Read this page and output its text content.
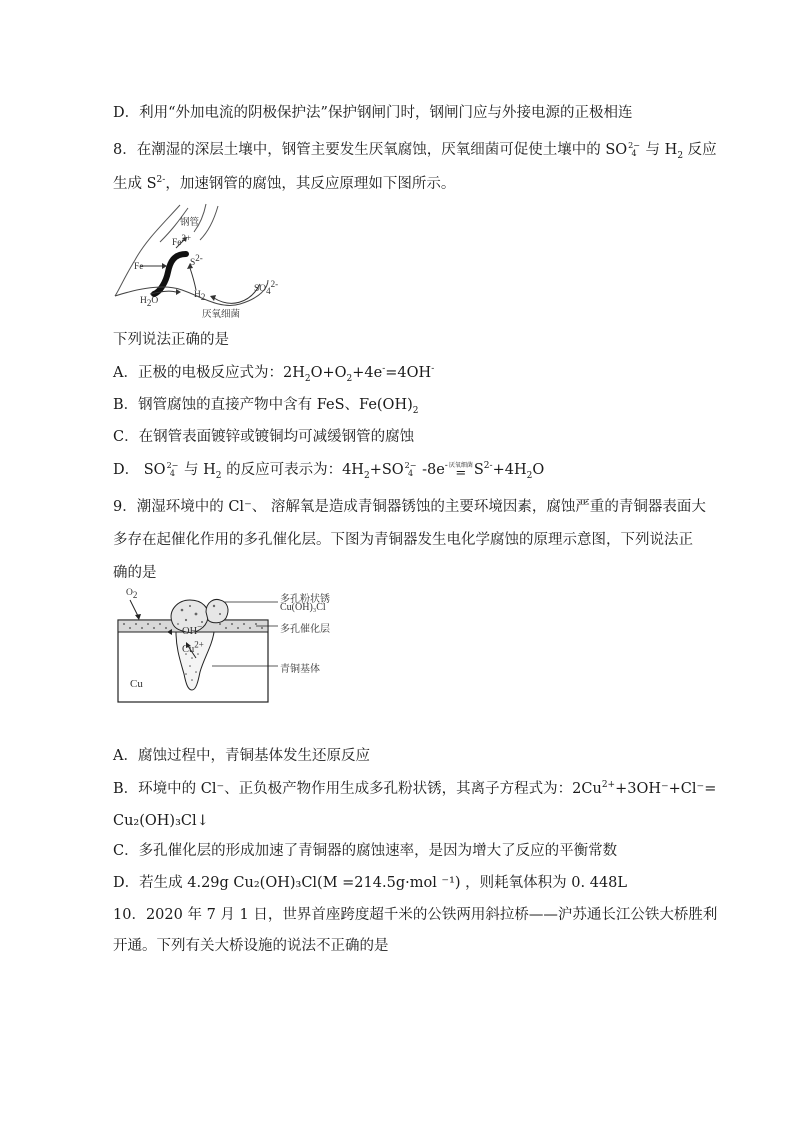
D．利用“外加电流的阴极保护法”保护钢闸门时，钢闸门应与外接电源的正极相连
8．在潮湿的深层土壤中，钢管主要发生厌氧腐蚀，厌氧细菌可促使土壤中的 SO 2−
4 与 $H_2$ 反应
生成 $S^{2-}$，加速钢管的腐蚀，其反应原理如下图所示。
钢管
$Fe^{2+}$
Fe	$S^{2-}$
$H_2O$
$H_2$
$SO_4^{2-}$
厌氧细菌
下列说法正确的是
A．正极的电极反应式为：$2H_2O+O_2+4e^-=4OH^-$
B．钢管腐蚀的直接产物中含有 FeS、$Fe(OH)_2$
C．在钢管表面镀锌或镀铜均可减缓钢管的腐蚀
D． SO 2−
4 与 $H_2$ 的反应可表示为：$4H_2+SO$ 2−
4 -8e- 厌氧细菌
= $S^{2-}+4H_2O$
9．潮湿环境中的 Cl⁻、 溶解氧是造成青铜器锈蚀的主要环境因素，腐蚀严重的青铜器表面大
多存在起催化作用的多孔催化层。下图为青铜器发生电化学腐蚀的原理示意图，下列说法正
确的是
$O_2$
OH−
$Cu^{2+}$
Cu
多孔粉状锈
Cu(OH)₃Cl
多孔催化层
青铜基体
A．腐蚀过程中，青铜基体发生还原反应
B．环境中的 Cl⁻、正负极产物作用生成多孔粉状锈，其离子方程式为：$2Cu^{2+}+3OH^-+Cl^-=$
Cu₂(OH)₃Cl↓
C．多孔催化层的形成加速了青铜器的腐蚀速率，是因为增大了反应的平衡常数
D．若生成 4.29g Cu₂(OH)₃Cl(M =214.5g·mol ⁻¹) ，则耗氧体积为 0. 448L
10．2020 年 7 月 1 日，世界首座跨度超千米的公铁两用斜拉桥——沪苏通长江公铁大桥胜利
开通。下列有关大桥设施的说法不正确的是
